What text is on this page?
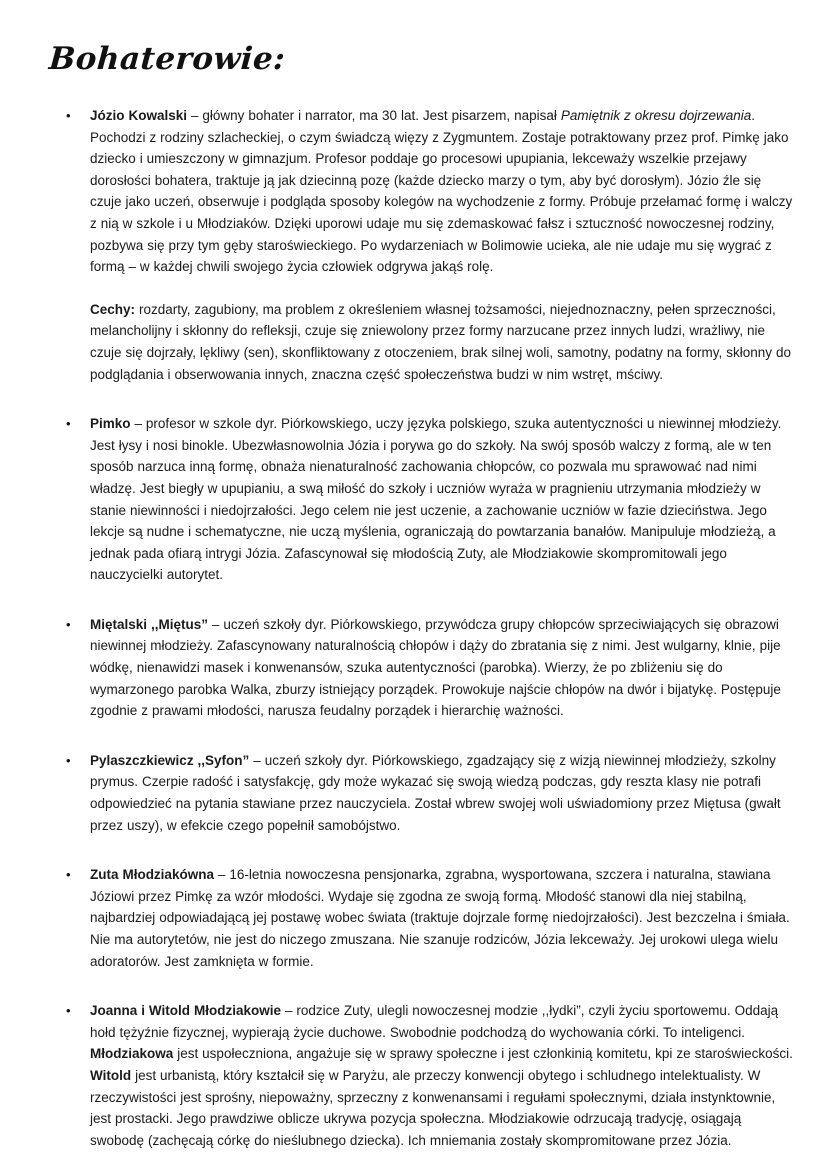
Bohaterowie:
•	Józio Kowalski – główny bohater i narrator, ma 30 lat. Jest pisarzem, napisał Pamiętnik z okresu dojrzewania. Pochodzi z rodziny szlacheckiej, o czym świadczą więzy z Zygmuntem. Zostaje potraktowany przez prof. Pimkę jako dziecko i umieszczony w gimnazjum. Profesor poddaje go procesowi upupiania, lekceważy wszelkie przejawy dorosłości bohatera, traktuje ją jak dziecinną pozę (każde dziecko marzy o tym, aby być dorosłym). Józio źle się czuje jako uczeń, obserwuje i podgląda sposoby kolegów na wychodzenie z formy. Próbuje przełamać formę i walczy z nią w szkole i u Młodziaków. Dzięki uporowi udaje mu się zdemaskować fałsz i sztuczność nowoczesnej rodziny, pozbywa się przy tym gęby staroświeckiego. Po wydarzeniach w Bolimowie ucieka, ale nie udaje mu się wygrać z formą – w każdej chwili swojego życia człowiek odgrywa jakąś rolę.

Cechy: rozdarty, zagubiony, ma problem z określeniem własnej tożsamości, niejednoznaczny, pełen sprzeczności, melancholijny i skłonny do refleksji, czuje się zniewolony przez formy narzucane przez innych ludzi, wrażliwy, nie czuje się dojrzały, lękliwy (sen), skonfliktowany z otoczeniem, brak silnej woli, samotny, podatny na formy, skłonny do podglądania i obserwowania innych, znaczna część społeczeństwa budzi w nim wstręt, mściwy.

•	Pimko – profesor w szkole dyr. Piórkowskiego, uczy języka polskiego, szuka autentyczności u niewinnej młodzieży. Jest łysy i nosi binokle. Ubezwłasnowolnia Józia i porywa go do szkoły. Na swój sposób walczy z formą, ale w ten sposób narzuca inną formę, obnaża nienaturalność zachowania chłopców, co pozwala mu sprawować nad nimi władzę. Jest biegły w upupianiu, a swą miłość do szkoły i uczniów wyraża w pragnieniu utrzymania młodzieży w stanie niewinności i niedojrzałości. Jego celem nie jest uczenie, a zachowanie uczniów w fazie dzieciństwa. Jego lekcje są nudne i schematyczne, nie uczą myślenia, ograniczają do powtarzania banałów. Manipuluje młodzieżą, a jednak pada ofiarą intrygi Józia. Zafascynował się młodością Zuty, ale Młodziakowie skompromitowali jego nauczycielki autorytet.

•	Miętalski ,,Miętus” – uczeń szkoły dyr. Piórkowskiego, przywódcza grupy chłopców sprzeciwiających się obrazowi niewinnej młodzieży. Zafascynowany naturalnością chłopów i dąży do zbratania się z nimi. Jest wulgarny, klnie, pije wódkę, nienawidzi masek i konwenansów, szuka autentyczności (parobka). Wierzy, że po zbliżeniu się do wymarzonego parobka Walka, zburzy istniejący porządek. Prowokuje najście chłopów na dwór i bijatykę. Postępuje zgodnie z prawami młodości, narusza feudalny porządek i hierarchię ważności.

•	Pylaszczkiewicz ,,Syfon” – uczeń szkoły dyr. Piórkowskiego, zgadzający się z wizją niewinnej młodzieży, szkolny prymus. Czerpie radość i satysfakcję, gdy może wykazać się swoją wiedzą podczas, gdy reszta klasy nie potrafi odpowiedzieć na pytania stawiane przez nauczyciela. Został wbrew swojej woli uświadomiony przez Miętusa (gwałt przez uszy), w efekcie czego popełnił samobójstwo.

•	Zuta Młodziakówna – 16-letnia nowoczesna pensjonarka, zgrabna, wysportowana, szczera i naturalna, stawiana Józiowi przez Pimkę za wzór młodości. Wydaje się zgodna ze swoją formą. Młodość stanowi dla niej stabilną, najbardziej odpowiadającą jej postawę wobec świata (traktuje dojrzale formę niedojrzałości). Jest bezczelna i śmiała. Nie ma autorytetów, nie jest do niczego zmuszana. Nie szanuje rodziców, Józia lekceważy. Jej urokowi ulega wielu adoratorów. Jest zamknięta w formie.

•	Joanna i Witold Młodziakowie – rodzice Zuty, ulegli nowoczesnej modzie ,,łydki”, czyli życiu sportowemu. Oddają hołd tężyźnie fizycznej, wypierają życie duchowe. Swobodnie podchodzą do wychowania córki. To inteligenci. Młodziakowa jest uspołeczniona, angażuje się w sprawy społeczne i jest członkinią komitetu, kpi ze staroświeckości. Witold jest urbanistą, który kształcił się w Paryżu, ale przeczy konwencji obytego i schludnego intelektualisty. W rzeczywistości jest sprośny, niepoważny, sprzeczny z konwenansami i regułami społecznymi, działa instynktownie, jest prostacki. Jego prawdziwe oblicze ukrywa pozycja społeczna. Młodziakowie odrzucają tradycję, osiągają swobodę (zachęcają córkę do nieślubnego dziecka). Ich mniemania zostały skompromitowane przez Józia.
